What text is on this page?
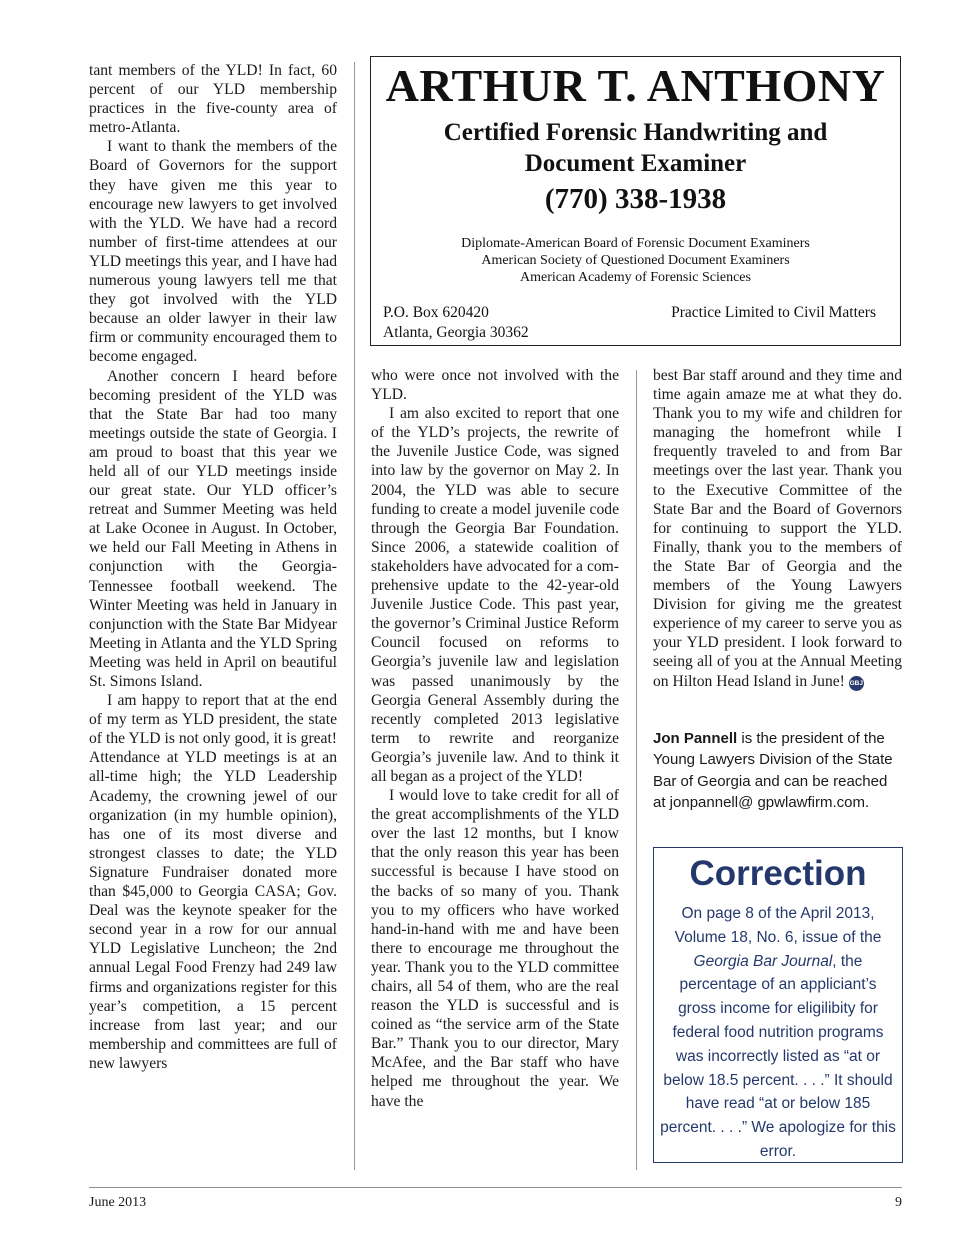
tant members of the YLD! In fact, 60 percent of our YLD membership practices in the five-county area of metro-Atlanta.

I want to thank the members of the Board of Governors for the support they have given me this year to encourage new lawyers to get involved with the YLD. We have had a record number of first-time attendees at our YLD meetings this year, and I have had numerous young lawyers tell me that they got involved with the YLD because an older lawyer in their law firm or community encouraged them to become engaged.

Another concern I heard before becoming president of the YLD was that the State Bar had too many meetings outside the state of Georgia. I am proud to boast that this year we held all of our YLD meetings inside our great state. Our YLD officer’s retreat and Summer Meeting was held at Lake Oconee in August. In October, we held our Fall Meeting in Athens in conjunction with the Georgia-Tennessee football weekend. The Winter Meeting was held in January in conjunction with the State Bar Midyear Meeting in Atlanta and the YLD Spring Meeting was held in April on beautiful St. Simons Island.

I am happy to report that at the end of my term as YLD president, the state of the YLD is not only good, it is great! Attendance at YLD meetings is at an all-time high; the YLD Leadership Academy, the crowning jewel of our organization (in my humble opinion), has one of its most diverse and strongest classes to date; the YLD Signature Fundraiser donated more than $45,000 to Georgia CASA; Gov. Deal was the keynote speaker for the second year in a row for our annual YLD Legislative Luncheon; the 2nd annual Legal Food Frenzy had 249 law firms and organizations register for this year’s competition, a 15 percent increase from last year; and our membership and committees are full of new lawyers

ARTHUR T. ANTHONY
Certified Forensic Handwriting and
Document Examiner
(770) 338-1938
Diplomate-American Board of Forensic Document Examiners
American Society of Questioned Document Examiners
American Academy of Forensic Sciences
P.O. Box 620420
Atlanta, Georgia 30362
Practice Limited to Civil Matters

who were once not involved with the YLD.

I am also excited to report that one of the YLD’s projects, the rewrite of the Juvenile Justice Code, was signed into law by the governor on May 2. In 2004, the YLD was able to secure funding to create a model juvenile code through the Georgia Bar Foundation. Since 2006, a statewide coalition of stakeholders have advocated for a comprehensive update to the 42-year-old Juvenile Justice Code. This past year, the governor’s Criminal Justice Reform Council focused on reforms to Georgia’s juvenile law and legislation was passed unanimously by the Georgia General Assembly during the recently completed 2013 legislative term to rewrite and reorganize Georgia’s juvenile law. And to think it all began as a project of the YLD!

I would love to take credit for all of the great accomplishments of the YLD over the last 12 months, but I know that the only reason this year has been successful is because I have stood on the backs of so many of you. Thank you to my officers who have worked hand-in-hand with me and have been there to encourage me throughout the year. Thank you to the YLD committee chairs, all 54 of them, who are the real reason the YLD is successful and is coined as “the service arm of the State Bar.” Thank you to our director, Mary McAfee, and the Bar staff who have helped me throughout the year. We have the

best Bar staff around and they time and time again amaze me at what they do. Thank you to my wife and children for managing the homefront while I frequently traveled to and from Bar meetings over the last year. Thank you to the Executive Committee of the State Bar and the Board of Governors for continuing to support the YLD. Finally, thank you to the members of the State Bar of Georgia and the members of the Young Lawyers Division for giving me the greatest experience of my career to serve you as your YLD president. I look forward to seeing all of you at the Annual Meeting on Hilton Head Island in June! GBJ

Jon Pannell is the president of the Young Lawyers Division of the State Bar of Georgia and can be reached at jonpannell@ gpwlawfirm.com.
Correction
On page 8 of the April 2013, Volume 18, No. 6, issue of the Georgia Bar Journal, the percentage of an appliciant’s gross income for eligilibity for federal food nutrition programs was incorrectly listed as “at or below 18.5 percent. . . .” It should have read “at or below 185 percent. . . .” We apologize for this error.
June 2013	9
